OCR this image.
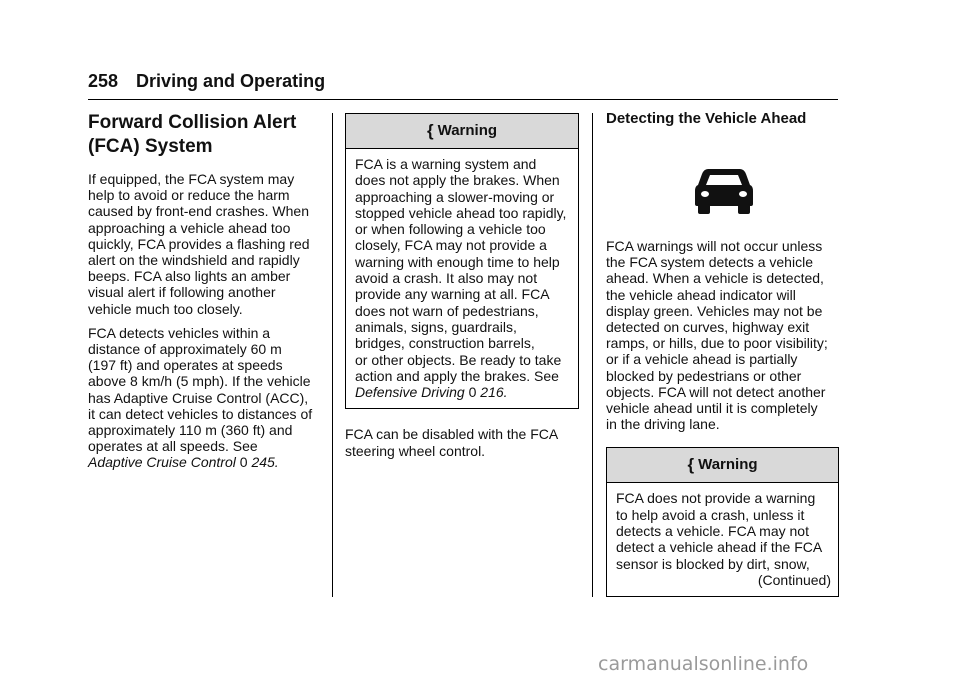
258 Driving and Operating
Forward Collision Alert
(FCA) System

If equipped, the FCA system may
help to avoid or reduce the harm
caused by front-end crashes. When
approaching a vehicle ahead too
quickly, FCA provides a flashing red
alert on the windshield and rapidly
beeps. FCA also lights an amber
visual alert if following another
vehicle much too closely.

FCA detects vehicles within a
distance of approximately 60 m
(197 ft) and operates at speeds
above 8 km/h (5 mph). If the vehicle
has Adaptive Cruise Control (ACC),
it can detect vehicles to distances of
approximately 110 m (360 ft) and
operates at all speeds. See
Adaptive Cruise Control 0 245.

{ Warning
FCA is a warning system and
does not apply the brakes. When
approaching a slower-moving or
stopped vehicle ahead too rapidly,
or when following a vehicle too
closely, FCA may not provide a
warning with enough time to help
avoid a crash. It also may not
provide any warning at all. FCA
does not warn of pedestrians,
animals, signs, guardrails,
bridges, construction barrels,
or other objects. Be ready to take
action and apply the brakes. See
Defensive Driving 0 216.

FCA can be disabled with the FCA
steering wheel control.

Detecting the Vehicle Ahead

FCA warnings will not occur unless
the FCA system detects a vehicle
ahead. When a vehicle is detected,
the vehicle ahead indicator will
display green. Vehicles may not be
detected on curves, highway exit
ramps, or hills, due to poor visibility;
or if a vehicle ahead is partially
blocked by pedestrians or other
objects. FCA will not detect another
vehicle ahead until it is completely
in the driving lane.

{ Warning
FCA does not provide a warning
to help avoid a crash, unless it
detects a vehicle. FCA may not
detect a vehicle ahead if the FCA
sensor is blocked by dirt, snow,
(Continued)
carmanualsonline.info
